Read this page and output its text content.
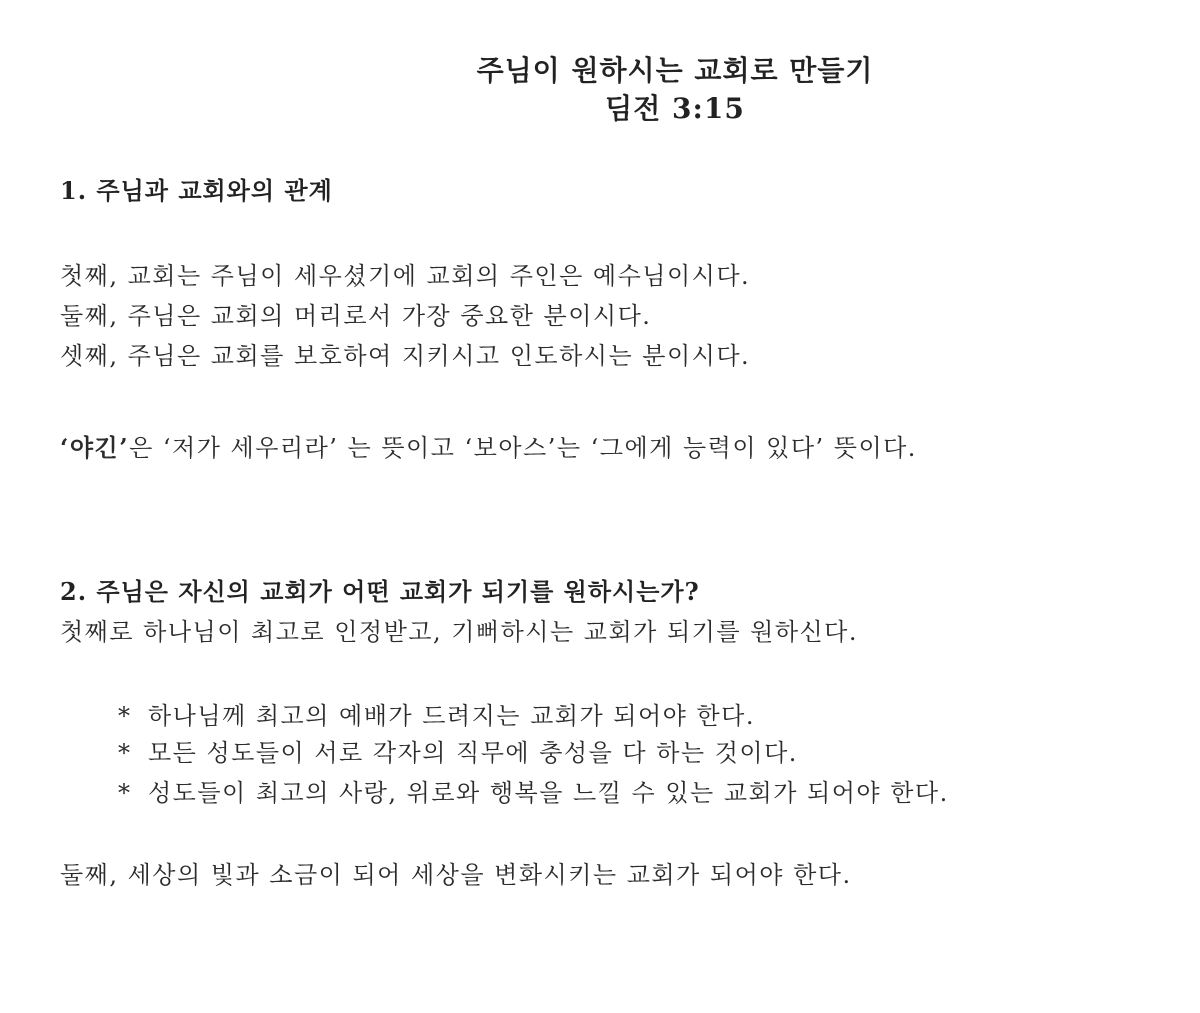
주님이 원하시는 교회로 만들기
딤전 3:15
1. 주님과 교회와의 관계
첫째, 교회는 주님이 세우셨기에 교회의 주인은 예수님이시다.
둘째, 주님은 교회의 머리로서 가장 중요한 분이시다.
셋째, 주님은 교회를 보호하여 지키시고 인도하시는 분이시다.
‘야긴’은 ‘저가 세우리라’ 는 뜻이고 ‘보아스’는 ‘그에게 능력이 있다’ 뜻이다.
2. 주님은 자신의 교회가 어떤 교회가 되기를 원하시는가?
첫째로 하나님이 최고로 인정받고, 기뻐하시는 교회가 되기를 원하신다.
* 하나님께 최고의 예배가 드려지는 교회가 되어야 한다.
* 모든 성도들이 서로 각자의 직무에 충성을 다 하는 것이다.
* 성도들이 최고의 사랑, 위로와 행복을 느낄 수 있는 교회가 되어야 한다.
둘째, 세상의 빛과 소금이 되어 세상을 변화시키는 교회가 되어야 한다.
